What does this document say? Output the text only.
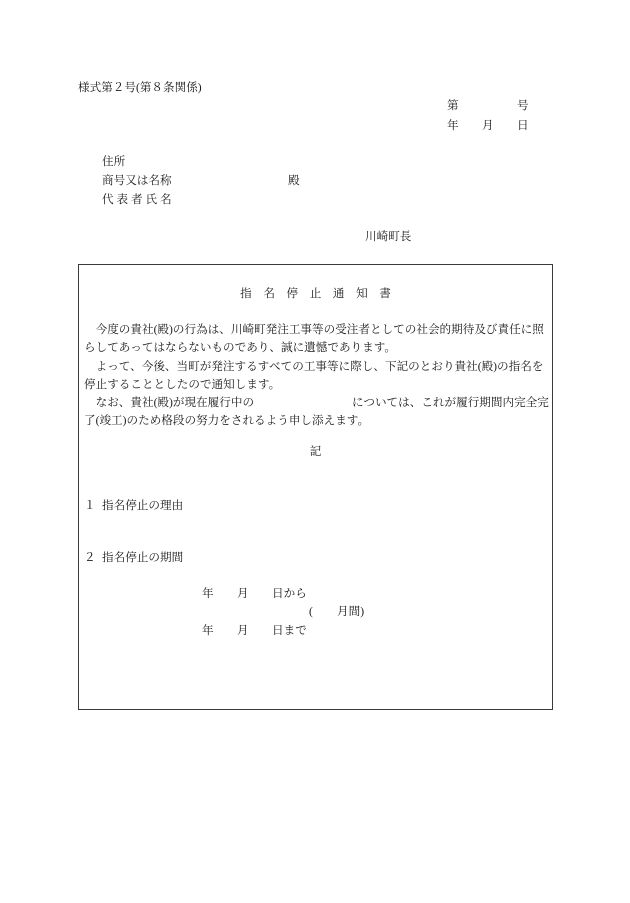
様式第２号(第８条関係)
第	号
年 月 日
住所
商号又は名称	殿
代表者氏名
川崎町長
指　名　停　止　通　知　書
　今度の貴社(殿)の行為は、川崎町発注工事等の受注者としての社会的期待及び責任に照
らしてあってはならないものであり、誠に遺憾であります。
　よって、今後、当町が発注するすべての工事等に際し、下記のとおり貴社(殿)の指名を
停止することとしたので通知します。
　なお、貴社(殿)が現在履行中の	については、これが履行期間内完全完
了(竣工)のため格段の努力をされるよう申し添えます。
記
１ 指名停止の理由
２ 指名停止の期間
年 月 日から
( 月間)
年 月 日まで
